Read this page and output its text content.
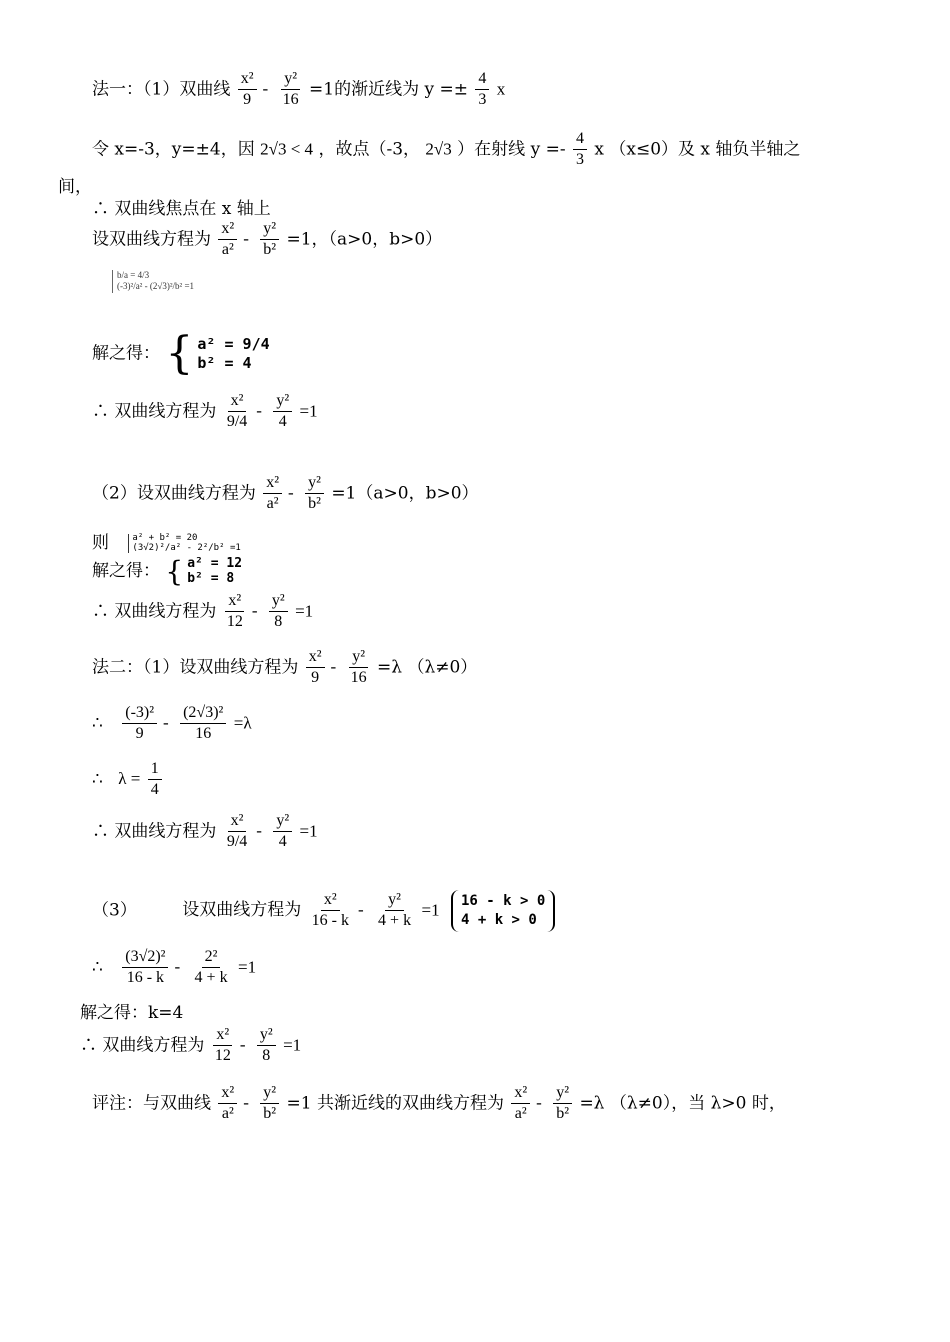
法一：（1）双曲线 $\frac{\text{x²}}{9} - \frac{\text{y²}}{16} =1$的渐近线为 $y =\pm \frac{4}{3}$ x
令 x=-3，y=±4，因 2√3 < 4 ，故点（-3， 2√3 ）在射线 $y =- \frac{4}{3}$ x （x≤0）及 x 轴负半轴之
间，
∴ 双曲线焦点在 x 轴上
设双曲线方程为 $\frac{\text{x²}}{\text{a²}} - \frac{\text{y²}}{\text{b²}} =1$，（a>0，b>0）
b/a = 4/3
(-3)²/a² - (2√3)²/b² =1
解之得： { a² = 9/4
b² = 4
∴ 双曲线方程为 $\frac{\text{x²}}{9/4} - \frac{\text{y²}}{4} =1$
（2）设双曲线方程为 $\frac{\text{x²}}{\text{a²}} - \frac{\text{y²}}{\text{b²}} =1(a>0$，b>0）
则	a² + b² = 20
(3√2)²/a² - 2²/b² =1
解之得： { a² = 12
b² = 8
∴ 双曲线方程为 $\frac{\text{x²}}{12} - \frac{\text{y²}}{8} =1$
法二：（1）设双曲线方程为 $\frac{\text{x²}}{9} - \frac{\text{y²}}{16} =\lambda$ （λ≠0）
∴ $\frac{\text{(-3)²}}{9} - \frac{\text{(2√3)²}}{16} =\lambda$
∴ $\lambda = \frac{1}{4}$
∴ 双曲线方程为 $\frac{\text{x²}}{9/4} - \frac{\text{y²}}{4} =1$
（3）	设双曲线方程为 $\frac{\text{x²}}{16 - k} - \frac{\text{y²}}{4 + k} =1$ 16 - k > 0
4 + k > 0
∴ $\frac{\text{(3√2)²}}{16 - k} - \frac{\text{2²}}{4 + k} =1$
解之得：k=4
∴ 双曲线方程为 $\frac{\text{x²}}{12} - \frac{\text{y²}}{8} =1$
评注：与双曲线 $\frac{\text{x²}}{\text{a²}} - \frac{\text{y²}}{\text{b²}} =1$ 共渐近线的双曲线方程为 $\frac{\text{x²}}{\text{a²}} - \frac{\text{y²}}{\text{b²}} =\lambda$ （λ≠0），当 λ>0 时，
